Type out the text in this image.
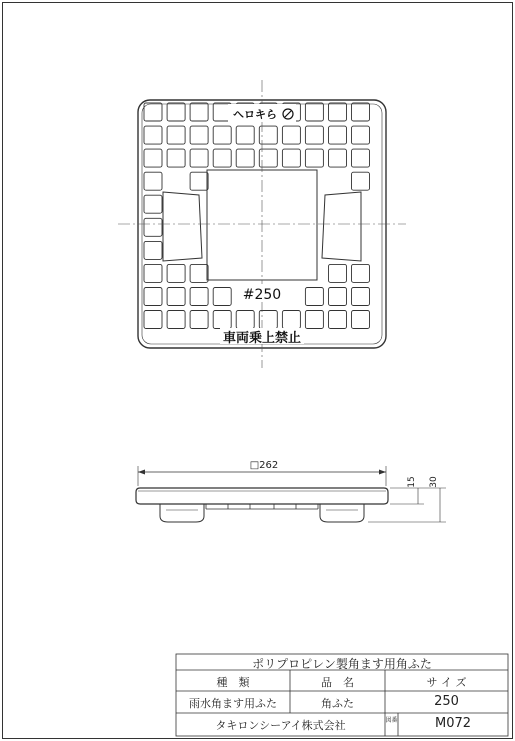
ヘロキら
#250
車両乗上禁止
□262
15 30
ポリプロピレン製角ます用角ふた
種　類	品　名	サ イ ズ
雨水角ます用ふた	角ふた	250
タキロンシーアイ株式会社	図番	M072
